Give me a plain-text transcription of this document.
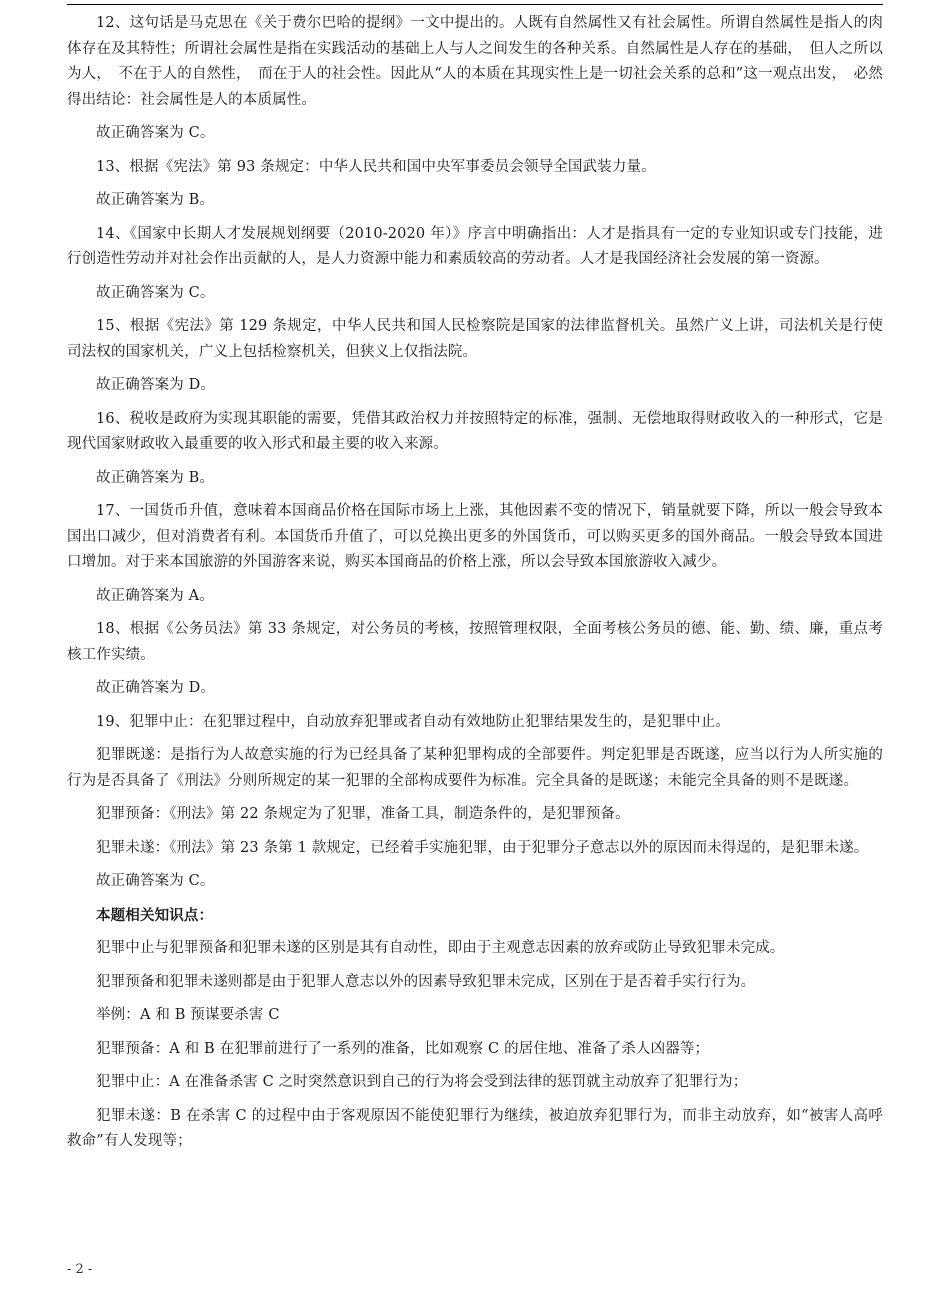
12、这句话是马克思在《关于费尔巴哈的提纲》一文中提出的。人既有自然属性又有社会属性。所谓自然属性是指人的肉体存在及其特性；所谓社会属性是指在实践活动的基础上人与人之间发生的各种关系。自然属性是人存在的基础，　但人之所以为人，　不在于人的自然性，　而在于人的社会性。因此从“人的本质在其现实性上是一切社会关系的总和”这一观点出发，　必然得出结论：社会属性是人的本质属性。

故正确答案为 C。

13、根据《宪法》第 93 条规定：中华人民共和国中央军事委员会领导全国武装力量。

故正确答案为 B。

14、《国家中长期人才发展规划纲要（2010-2020 年）》序言中明确指出：人才是指具有一定的专业知识或专门技能，进行创造性劳动并对社会作出贡献的人，是人力资源中能力和素质较高的劳动者。人才是我国经济社会发展的第一资源。

故正确答案为 C。

15、根据《宪法》第 129 条规定，中华人民共和国人民检察院是国家的法律监督机关。虽然广义上讲，司法机关是行使司法权的国家机关，广义上包括检察机关，但狭义上仅指法院。

故正确答案为 D。

16、税收是政府为实现其职能的需要，凭借其政治权力并按照特定的标准，强制、无偿地取得财政收入的一种形式，它是现代国家财政收入最重要的收入形式和最主要的收入来源。

故正确答案为 B。

17、一国货币升值，意味着本国商品价格在国际市场上上涨，其他因素不变的情况下，销量就要下降，所以一般会导致本国出口减少，但对消费者有利。本国货币升值了，可以兑换出更多的外国货币，可以购买更多的国外商品。一般会导致本国进口增加。对于来本国旅游的外国游客来说，购买本国商品的价格上涨，所以会导致本国旅游收入减少。

故正确答案为 A。

18、根据《公务员法》第 33 条规定，对公务员的考核，按照管理权限，全面考核公务员的德、能、勤、绩、廉，重点考核工作实绩。

故正确答案为 D。

19、犯罪中止：在犯罪过程中，自动放弃犯罪或者自动有效地防止犯罪结果发生的，是犯罪中止。

犯罪既遂：是指行为人故意实施的行为已经具备了某种犯罪构成的全部要件。判定犯罪是否既遂，应当以行为人所实施的行为是否具备了《刑法》分则所规定的某一犯罪的全部构成要件为标准。完全具备的是既遂；未能完全具备的则不是既遂。

犯罪预备：《刑法》第 22 条规定为了犯罪，准备工具，制造条件的，是犯罪预备。

犯罪未遂：《刑法》第 23 条第 1 款规定，已经着手实施犯罪，由于犯罪分子意志以外的原因而未得逞的，是犯罪未遂。

故正确答案为 C。

本题相关知识点：

犯罪中止与犯罪预备和犯罪未遂的区别是其有自动性，即由于主观意志因素的放弃或防止导致犯罪未完成。

犯罪预备和犯罪未遂则都是由于犯罪人意志以外的因素导致犯罪未完成，区别在于是否着手实行行为。

举例：A 和 B 预谋要杀害 C

犯罪预备：A 和 B 在犯罪前进行了一系列的准备，比如观察 C 的居住地、准备了杀人凶器等；

犯罪中止：A 在准备杀害 C 之时突然意识到自己的行为将会受到法律的惩罚就主动放弃了犯罪行为；

犯罪未遂：B 在杀害 C 的过程中由于客观原因不能使犯罪行为继续，被迫放弃犯罪行为，而非主动放弃，如“被害人高呼救命”有人发现等；

- 2 -
